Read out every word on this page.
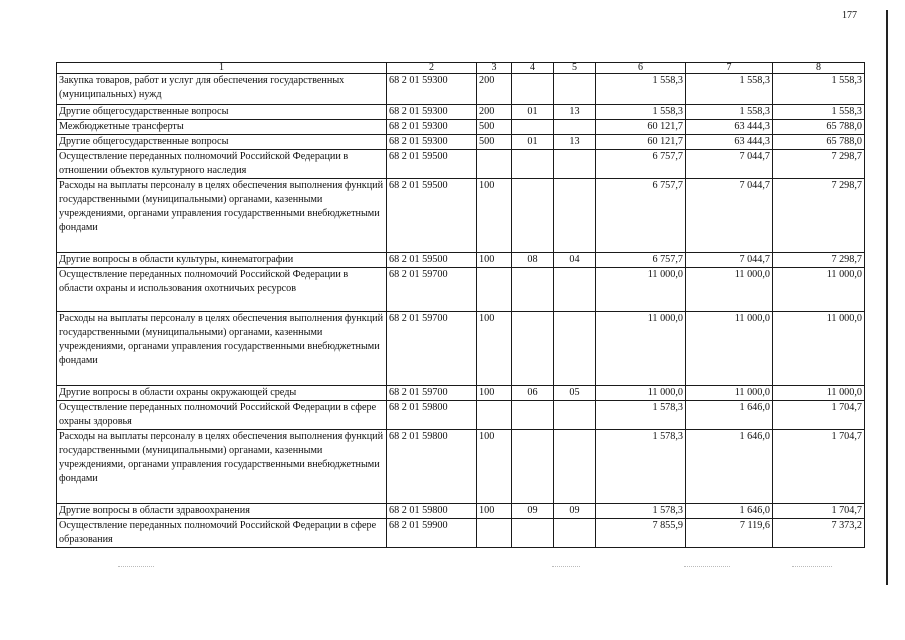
177
1	2	3	4	5	6	7	8
Закупка товаров, работ и услуг для обеспечения государственных (муниципальных) нужд	68 2 01 59300	200			1 558,3	1 558,3	1 558,3
Другие общегосударственные вопросы	68 2 01 59300	200	01	13	1 558,3	1 558,3	1 558,3
Межбюджетные трансферты	68 2 01 59300	500			60 121,7	63 444,3	65 788,0
Другие общегосударственные вопросы	68 2 01 59300	500	01	13	60 121,7	63 444,3	65 788,0
Осуществление переданных полномочий Российской Федерации в отношении объектов культурного наследия	68 2 01 59500				6 757,7	7 044,7	7 298,7
Расходы на выплаты персоналу в целях обеспечения выполнения функций государственными (муниципальными) органами, казенными учреждениями, органами управления государственными внебюджетными фондами	68 2 01 59500	100			6 757,7	7 044,7	7 298,7
Другие вопросы в области культуры, кинематографии	68 2 01 59500	100	08	04	6 757,7	7 044,7	7 298,7
Осуществление переданных полномочий Российской Федерации в области охраны и использования охотничьих ресурсов	68 2 01 59700				11 000,0	11 000,0	11 000,0
Расходы на выплаты персоналу в целях обеспечения выполнения функций государственными (муниципальными) органами, казенными учреждениями, органами управления государственными внебюджетными фондами	68 2 01 59700	100			11 000,0	11 000,0	11 000,0
Другие вопросы в области охраны окружающей среды	68 2 01 59700	100	06	05	11 000,0	11 000,0	11 000,0
Осуществление переданных полномочий Российской Федерации в сфере охраны здоровья	68 2 01 59800				1 578,3	1 646,0	1 704,7
Расходы на выплаты персоналу в целях обеспечения выполнения функций государственными (муниципальными) органами, казенными учреждениями, органами управления государственными внебюджетными фондами	68 2 01 59800	100			1 578,3	1 646,0	1 704,7
Другие вопросы в области здравоохранения	68 2 01 59800	100	09	09	1 578,3	1 646,0	1 704,7
Осуществление переданных полномочий Российской Федерации в сфере образования	68 2 01 59900				7 855,9	7 119,6	7 373,2
